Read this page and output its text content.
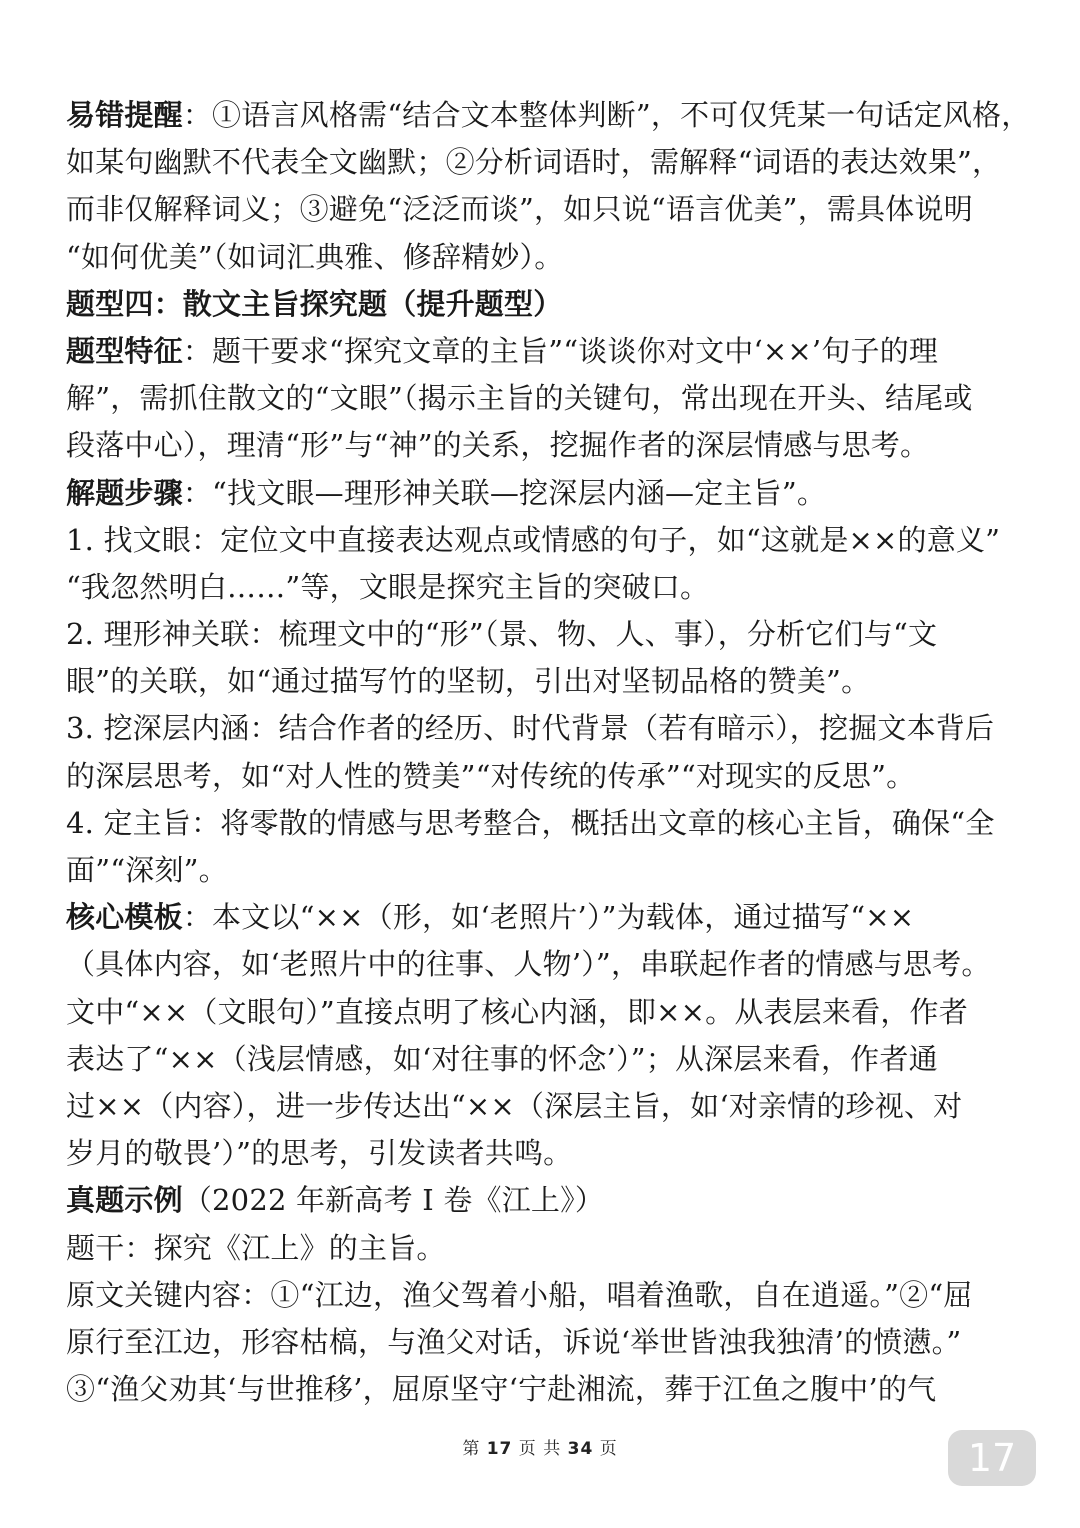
易错提醒：①语言风格需“结合文本整体判断”，不可仅凭某一句话定风格，
如某句幽默不代表全文幽默；②分析词语时，需解释“词语的表达效果”，
而非仅解释词义；③避免“泛泛而谈”，如只说“语言优美”，需具体说明
“如何优美”（如词汇典雅、修辞精妙）。
题型四：散文主旨探究题（提升题型）
题型特征：题干要求“探究文章的主旨”“谈谈你对文中‘××’句子的理
解”，需抓住散文的“文眼”（揭示主旨的关键句，常出现在开头、结尾或
段落中心），理清“形”与“神”的关系，挖掘作者的深层情感与思考。
解题步骤：“找文眼—理形神关联—挖深层内涵—定主旨”。
1. 找文眼：定位文中直接表达观点或情感的句子，如“这就是××的意义”
“我忽然明白……”等，文眼是探究主旨的突破口。
2. 理形神关联：梳理文中的“形”（景、物、人、事），分析它们与“文
眼”的关联，如“通过描写竹的坚韧，引出对坚韧品格的赞美”。
3. 挖深层内涵：结合作者的经历、时代背景（若有暗示），挖掘文本背后
的深层思考，如“对人性的赞美”“对传统的传承”“对现实的反思”。
4. 定主旨：将零散的情感与思考整合，概括出文章的核心主旨，确保“全
面”“深刻”。
核心模板：本文以“××（形，如‘老照片’）”为载体，通过描写“××
（具体内容，如‘老照片中的往事、人物’）”，串联起作者的情感与思考。
文中“××（文眼句）”直接点明了核心内涵，即××。从表层来看，作者
表达了“××（浅层情感，如‘对往事的怀念’）”；从深层来看，作者通
过××（内容），进一步传达出“××（深层主旨，如‘对亲情的珍视、对
岁月的敬畏’）”的思考，引发读者共鸣。
真题示例（2022 年新高考 I 卷《江上》）
题干：探究《江上》的主旨。
原文关键内容：①“江边，渔父驾着小船，唱着渔歌，自在逍遥。”②“屈
原行至江边，形容枯槁，与渔父对话，诉说‘举世皆浊我独清’的愤懑。”
③“渔父劝其‘与世推移’，屈原坚守‘宁赴湘流，葬于江鱼之腹中’的气
第 17 页 共 34 页	17
